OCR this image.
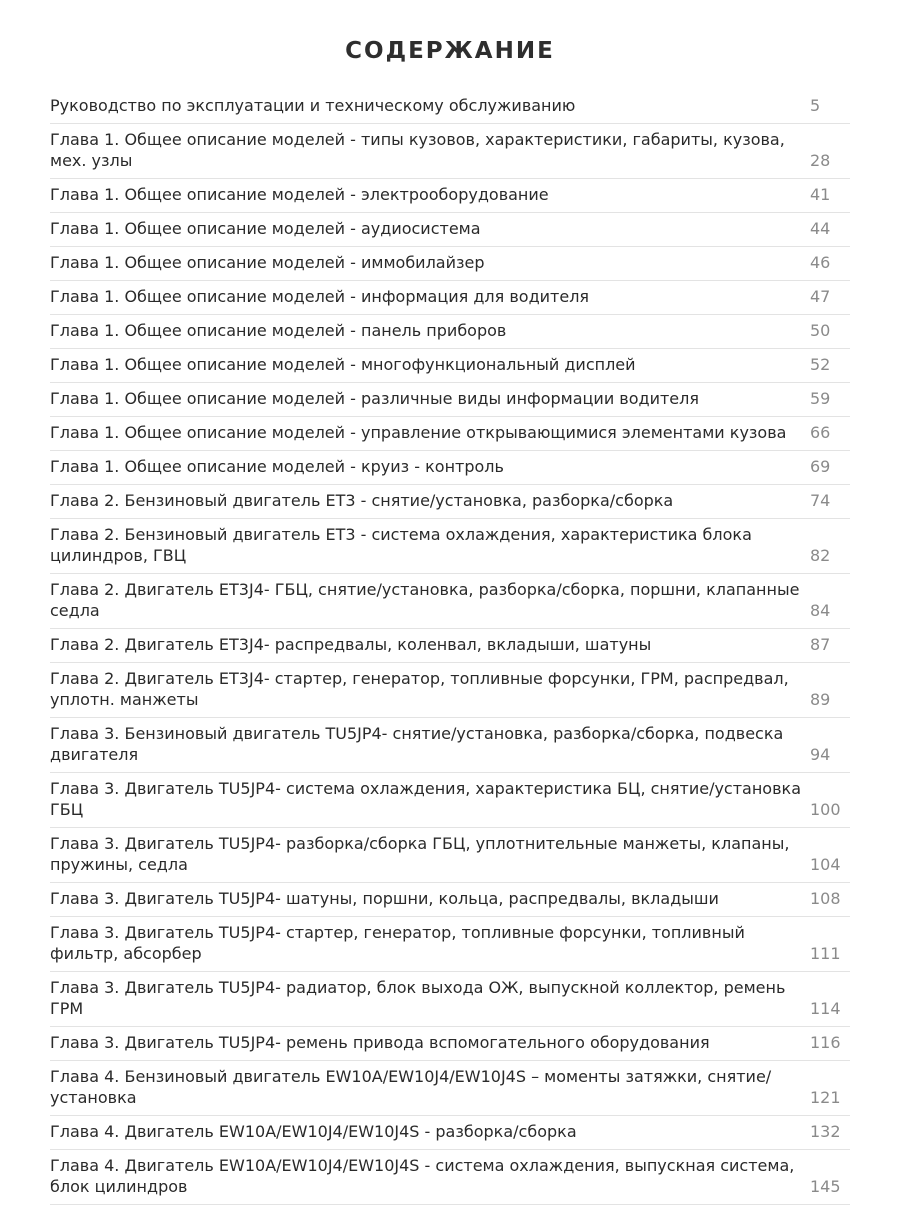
СОДЕРЖАНИЕ
Руководство по эксплуатации и техническому обслуживанию	5
Глава 1. Общее описание моделей - типы кузовов, характеристики, габариты, кузова, мех. узлы	28
Глава 1. Общее описание моделей - электрооборудование	41
Глава 1. Общее описание моделей - аудиосистема	44
Глава 1. Общее описание моделей - иммобилайзер	46
Глава 1. Общее описание моделей - информация для водителя	47
Глава 1. Общее описание моделей - панель приборов	50
Глава 1. Общее описание моделей - многофункциональный дисплей	52
Глава 1. Общее описание моделей - различные виды информации водителя	59
Глава 1. Общее описание моделей - управление открывающимися элементами кузова	66
Глава 1. Общее описание моделей - круиз - контроль	69
Глава 2. Бензиновый двигатель ET3 - снятие/установка, разборка/сборка	74
Глава 2. Бензиновый двигатель ET3 - система охлаждения, характеристика блока цилиндров, ГВЦ	82
Глава 2. Двигатель ET3J4- ГБЦ, снятие/установка, разборка/сборка, поршни, клапанные седла	84
Глава 2. Двигатель ET3J4- распредвалы, коленвал, вкладыши, шатуны	87
Глава 2. Двигатель ET3J4- стартер, генератор, топливные форсунки, ГРМ, распредвал, уплотн. манжеты	89
Глава 3. Бензиновый двигатель TU5JP4- снятие/установка, разборка/сборка, подвеска двигателя	94
Глава 3. Двигатель TU5JP4- система охлаждения, характеристика БЦ, снятие/установка ГБЦ	100
Глава 3. Двигатель TU5JP4- разборка/сборка ГБЦ, уплотнительные манжеты, клапаны, пружины, седла	104
Глава 3. Двигатель TU5JP4- шатуны, поршни, кольца, распредвалы, вкладыши	108
Глава 3. Двигатель TU5JP4- стартер, генератор, топливные форсунки, топливный фильтр, абсорбер	111
Глава 3. Двигатель TU5JP4- радиатор, блок выхода ОЖ, выпускной коллектор, ремень ГРМ	114
Глава 3. Двигатель TU5JP4- ремень привода вспомогательного оборудования	116
Глава 4. Бензиновый двигатель EW10A/EW10J4/EW10J4S – моменты затяжки, снятие/установка	121
Глава 4. Двигатель EW10A/EW10J4/EW10J4S - разборка/сборка	132
Глава 4. Двигатель EW10A/EW10J4/EW10J4S - система охлаждения, выпускная система, блок цилиндров	145
